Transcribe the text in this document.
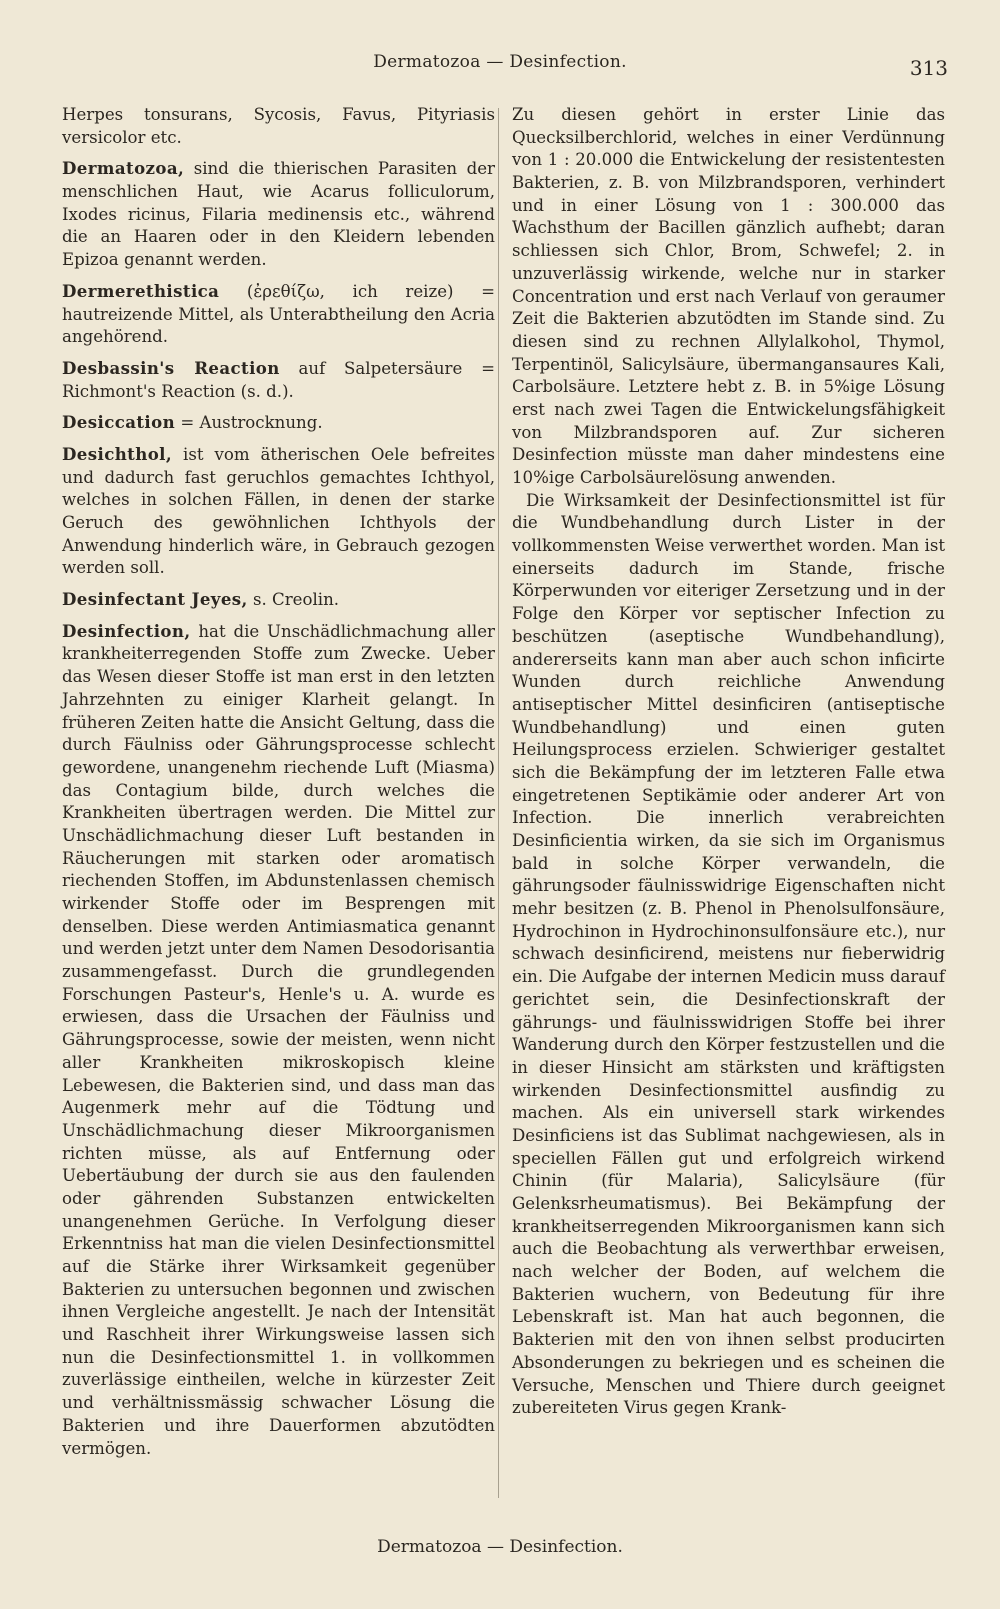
Dermatozoa — Desinfection.	313

Herpes tonsurans, Sycosis, Favus, Pityriasis versicolor etc.

Dermatozoa, sind die thierischen Parasiten der menschlichen Haut, wie Acarus folliculorum, Ixodes ricinus, Filaria medinensis etc., während die an Haaren oder in den Kleidern lebenden Epizoa genannt werden.

Dermerethistica (ἐρεθίζω, ich reize) = hautreizende Mittel, als Unterabtheilung den Acria angehörend.

Desbassin's Reaction auf Salpetersäure = Richmont's Reaction (s. d.).

Desiccation = Austrocknung.

Desichthol, ist vom ätherischen Oele befreites und dadurch fast geruchlos gemachtes Ichthyol, welches in solchen Fällen, in denen der starke Geruch des gewöhnlichen Ichthyols der Anwendung hinderlich wäre, in Gebrauch gezogen werden soll.

Desinfectant Jeyes, s. Creolin.

Desinfection, hat die Unschädlichmachung aller krankheiterregenden Stoffe zum Zwecke. Ueber das Wesen dieser Stoffe ist man erst in den letzten Jahrzehnten zu einiger Klarheit gelangt. In früheren Zeiten hatte die Ansicht Geltung, dass die durch Fäulniss oder Gährungsprocesse schlecht gewordene, unangenehm riechende Luft (Miasma) das Contagium bilde, durch welches die Krankheiten übertragen werden. Die Mittel zur Unschädlichmachung dieser Luft bestanden in Räucherungen mit starken oder aromatisch riechenden Stoffen, im Abdunstenlassen chemisch wirkender Stoffe oder im Besprengen mit denselben. Diese werden Antimiasmatica genannt und werden jetzt unter dem Namen Desodorisantia zusammengefasst. Durch die grundlegenden Forschungen Pasteur's, Henle's u. A. wurde es erwiesen, dass die Ursachen der Fäulniss und Gährungsprocesse, sowie der meisten, wenn nicht aller Krankheiten mikroskopisch kleine Lebewesen, die Bakterien sind, und dass man das Augenmerk mehr auf die Tödtung und Unschädlichmachung dieser Mikroorganismen richten müsse, als auf Entfernung oder Uebertäubung der durch sie aus den faulenden oder gährenden Substanzen entwickelten unangenehmen Gerüche. In Verfolgung dieser Erkenntniss hat man die vielen Desinfectionsmittel auf die Stärke ihrer Wirksamkeit gegenüber Bakterien zu untersuchen begonnen und zwischen ihnen Vergleiche angestellt. Je nach der Intensität und Raschheit ihrer Wirkungsweise lassen sich nun die Desinfectionsmittel 1. in vollkommen zuverlässige eintheilen, welche in kürzester Zeit und verhältnissmässig schwacher Lösung die Bakterien und ihre Dauerformen abzutödten vermögen.

Zu diesen gehört in erster Linie das Quecksilberchlorid, welches in einer Verdünnung von 1 : 20.000 die Entwickelung der resistentesten Bakterien, z. B. von Milzbrandsporen, verhindert und in einer Lösung von 1 : 300.000 das Wachsthum der Bacillen gänzlich aufhebt; daran schliessen sich Chlor, Brom, Schwefel; 2. in unzuverlässig wirkende, welche nur in starker Concentration und erst nach Verlauf von geraumer Zeit die Bakterien abzutödten im Stande sind. Zu diesen sind zu rechnen Allylalkohol, Thymol, Terpentinöl, Salicylsäure, übermangansaures Kali, Carbolsäure. Letztere hebt z. B. in 5%ige Lösung erst nach zwei Tagen die Entwickelungsfähigkeit von Milzbrandsporen auf. Zur sicheren Desinfection müsste man daher mindestens eine 10%ige Carbolsäurelösung anwenden.

Die Wirksamkeit der Desinfectionsmittel ist für die Wundbehandlung durch Lister in der vollkommensten Weise verwerthet worden. Man ist einerseits dadurch im Stande, frische Körperwunden vor eiteriger Zersetzung und in der Folge den Körper vor septischer Infection zu beschützen (aseptische Wundbehandlung), andererseits kann man aber auch schon inficirte Wunden durch reichliche Anwendung antiseptischer Mittel desinficiren (antiseptische Wundbehandlung) und einen guten Heilungsprocess erzielen. Schwieriger gestaltet sich die Bekämpfung der im letzteren Falle etwa eingetretenen Septikämie oder anderer Art von Infection. Die innerlich verabreichten Desinficientia wirken, da sie sich im Organismus bald in solche Körper verwandeln, die gährungsoder fäulnisswidrige Eigenschaften nicht mehr besitzen (z. B. Phenol in Phenolsulfonsäure, Hydrochinon in Hydrochinonsulfonsäure etc.), nur schwach desinficirend, meistens nur fieberwidrig ein. Die Aufgabe der internen Medicin muss darauf gerichtet sein, die Desinfectionskraft der gährungs- und fäulnisswidrigen Stoffe bei ihrer Wanderung durch den Körper festzustellen und die in dieser Hinsicht am stärksten und kräftigsten wirkenden Desinfectionsmittel ausfindig zu machen. Als ein universell stark wirkendes Desinficiens ist das Sublimat nachgewiesen, als in speciellen Fällen gut und erfolgreich wirkend Chinin (für Malaria), Salicylsäure (für Gelenksrheumatismus). Bei Bekämpfung der krankheitserregenden Mikroorganismen kann sich auch die Beobachtung als verwerthbar erweisen, nach welcher der Boden, auf welchem die Bakterien wuchern, von Bedeutung für ihre Lebenskraft ist. Man hat auch begonnen, die Bakterien mit den von ihnen selbst producirten Absonderungen zu bekriegen und es scheinen die Versuche, Menschen und Thiere durch geeignet zubereiteten Virus gegen Krank-

Dermatozoa — Desinfection.
